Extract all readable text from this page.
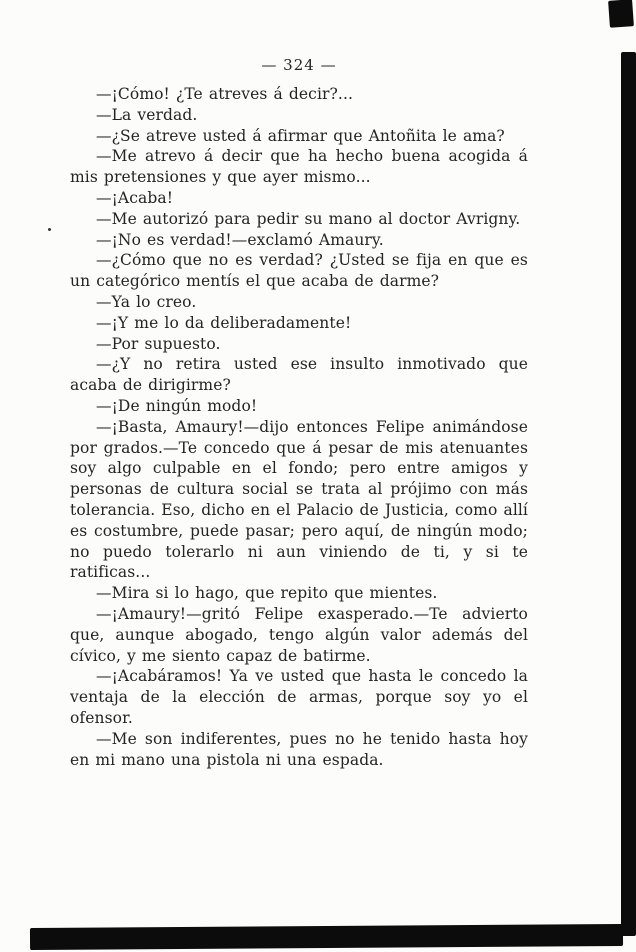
— 324 —

—¡Cómo! ¿Te atreves á decir?...

—La verdad.

—¿Se atreve usted á afirmar que Antoñita le ama?

—Me atrevo á decir que ha hecho buena acogida á mis pretensiones y que ayer mismo...

—¡Acaba!

—Me autorizó para pedir su mano al doctor Avrigny.

—¡No es verdad!—exclamó Amaury.

—¿Cómo que no es verdad? ¿Usted se fija en que es un categórico mentís el que acaba de darme?

—Ya lo creo.

—¡Y me lo da deliberadamente!

—Por supuesto.

—¿Y no retira usted ese insulto inmotivado que acaba de dirigirme?

—¡De ningún modo!

—¡Basta, Amaury!—dijo entonces Felipe animándose por grados.—Te concedo que á pesar de mis atenuantes soy algo culpable en el fondo; pero entre amigos y personas de cultura social se trata al prójimo con más tolerancia. Eso, dicho en el Palacio de Justicia, como allí es costumbre, puede pasar; pero aquí, de ningún modo; no puedo tolerarlo ni aun viniendo de ti, y si te ratificas...

—Mira si lo hago, que repito que mientes.

—¡Amaury!—gritó Felipe exasperado.—Te advierto que, aunque abogado, tengo algún valor además del cívico, y me siento capaz de batirme.

—¡Acabáramos! Ya ve usted que hasta le concedo la ventaja de la elección de armas, porque soy yo el ofensor.

—Me son indiferentes, pues no he tenido hasta hoy en mi mano una pistola ni una espada.
